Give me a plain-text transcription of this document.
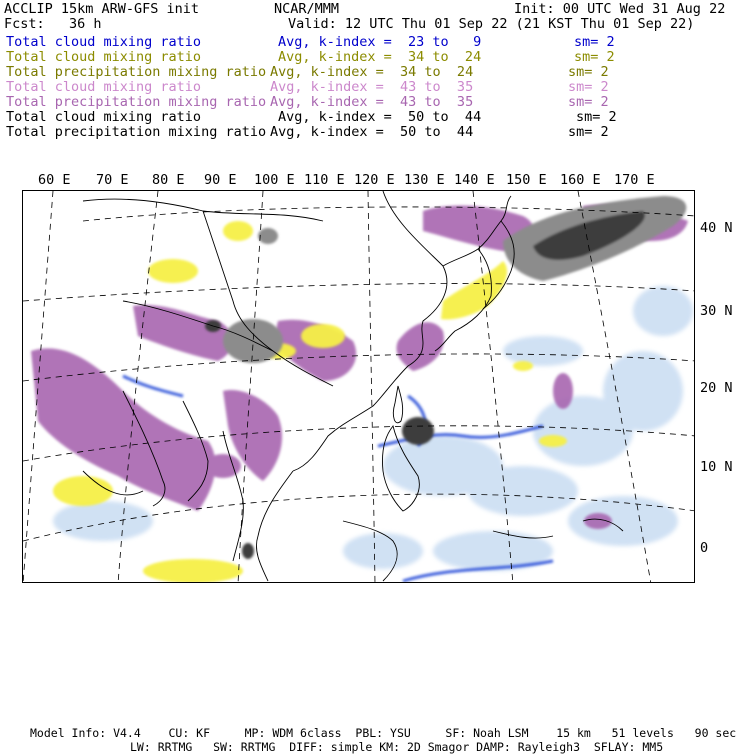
ACCLIP 15km ARW-GFS init	NCAR/MMM	Init: 00 UTC Wed 31 Aug 22
Fcst:   36 h	Valid: 12 UTC Thu 01 Sep 22 (21 KST Thu 01 Sep 22)
Total cloud mixing ratio	Avg, k-index =  23 to   9	sm= 2
Total cloud mixing ratio	Avg, k-index =  34 to  24	sm= 2
Total precipitation mixing ratio Avg, k-index =  34 to  24	sm= 2
Total cloud mixing ratio	Avg, k-index =  43 to  35	sm= 2
Total precipitation mixing ratio Avg, k-index =  43 to  35	sm= 2
Total cloud mixing ratio	Avg, k-index =  50 to  44	sm= 2
Total precipitation mixing ratio Avg, k-index =  50 to  44	sm= 2
60 E 70 E 80 E 90 E 100 E 110 E 120 E 130 E 140 E 150 E 160 E 170 E
40 N
30 N
20 N
10 N
0

Model Info: V4.4    CU: KF     MP: WDM 6class  PBL: YSU     SF: Noah LSM    15 km   51 levels   90 sec

LW: RRTMG   SW: RRTMG  DIFF: simple KM: 2D Smagor DAMP: Rayleigh3  SFLAY: MM5
